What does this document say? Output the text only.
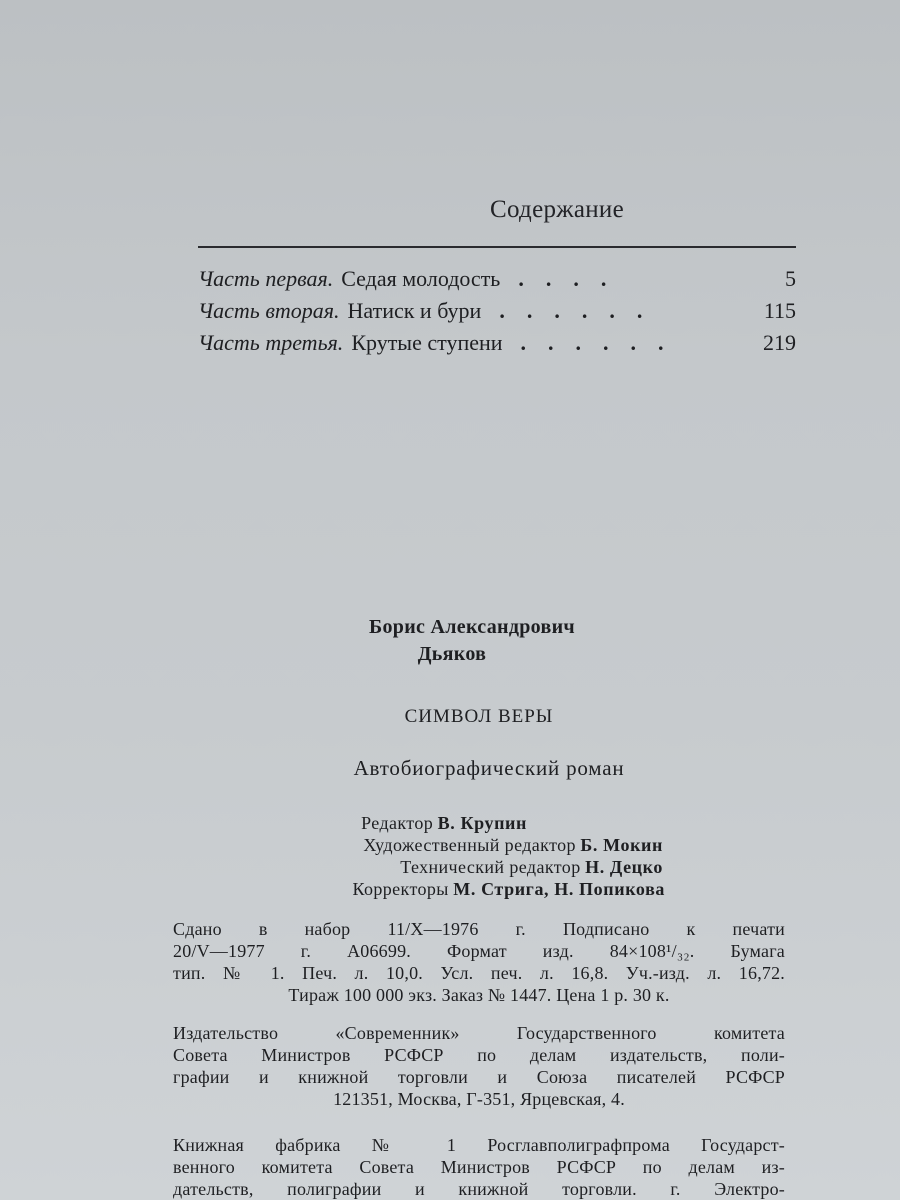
Содержание
Часть первая. Седая молодость ....	5
Часть вторая. Натиск и бури ......	115
Часть третья. Крутые ступени ......	219
Борис Александрович
Дьяков
СИМВОЛ ВЕРЫ
Автобиографический роман
Редактор В. Крупин
Художественный редактор Б. Мокин
Технический редактор Н. Децко
Корректоры М. Стрига, Н. Попикова

Сдано в набор 11/X—1976 г. Подписано к печати

20/V—1977 г. А06699. Формат изд. 84×108¹/₃₂. Бумага

тип. № 1. Печ. л. 10,0. Усл. печ. л. 16,8. Уч.-изд. л. 16,72.

Тираж 100 000 экз. Заказ № 1447. Цена 1 р. 30 к.

Издательство «Современник» Государственного комитета

Совета Министров РСФСР по делам издательств, поли-

графии и книжной торговли и Союза писателей РСФСР

121351, Москва, Г-351, Ярцевская, 4.

Книжная фабрика № 1 Росглавполиграфпрома Государст-

венного комитета Совета Министров РСФСР по делам из-

дательств, полиграфии и книжной торговли. г. Электро-
